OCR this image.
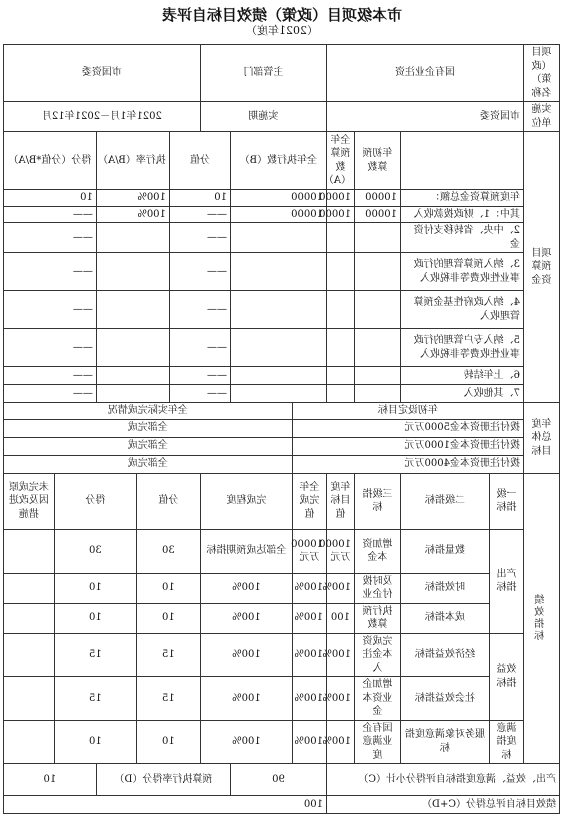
市本级项目（政策）绩效目标自评表
（2021年度）
项目（政策）名称	国有企业注资				主管部门			市国资委				
实施单位	市国资委				实施期			2021年1月－2021年12月				
项目预算资金			年初预算数	全年预算数（A）	全年执行数（B）		分值		执行率（B/A）		得分（分值*B/A）	
	年度预算资金总额：		10000	10000	10000		10		100%		10	
	其中：1、财政拨款收入		10000	10000	10000		——		100%		——	
	2、中央、省转移支付资金						——				——	
	3、纳入预算管理的行政事业性收费等非税收入						——				——	
	4、纳入政府性基金预算管理收入						——				——	
	5、纳入专户管理的行政事业性收费等非税收入						——				——	
	6、上年结转						——				——	
	7、其他收入						——				——	
年度总体目标	年初设定目标					全年实际完成情况						
	拨付注册资本金5000万元					全部完成						
	拨付注册资本金1000万元					全部完成						
	拨付注册资本金4000万元					全部完成						
绩效指标	一级指标	二级指标	三级指标	年度目标值	全年完成值	完成程度		分值		得分		未完成原因及改进措施
	产出指标	数量指标	增加资本金	10000万元	10000万元	全部达成预期指标		30		30		
		时效指标	及时拨付企业	100%	100%	100%		10		10		
		成本指标	执行预算数	100	100%	100%		10		10		
	效益指标	经济效益指标	完成资本金注入	100%	100%	100%		15		15		
		社会效益指标	增加企业资本金	100%	100%	100%		15		15		
	满意度指标	服务对象满意度指标	国有企业满意度	100%	100%	100%		10		10		
产出、效益、满意度指标自评得分小计（C）					90		预算执行率得分（D）				10	
绩效目标自评总得分（C+D）					100							
